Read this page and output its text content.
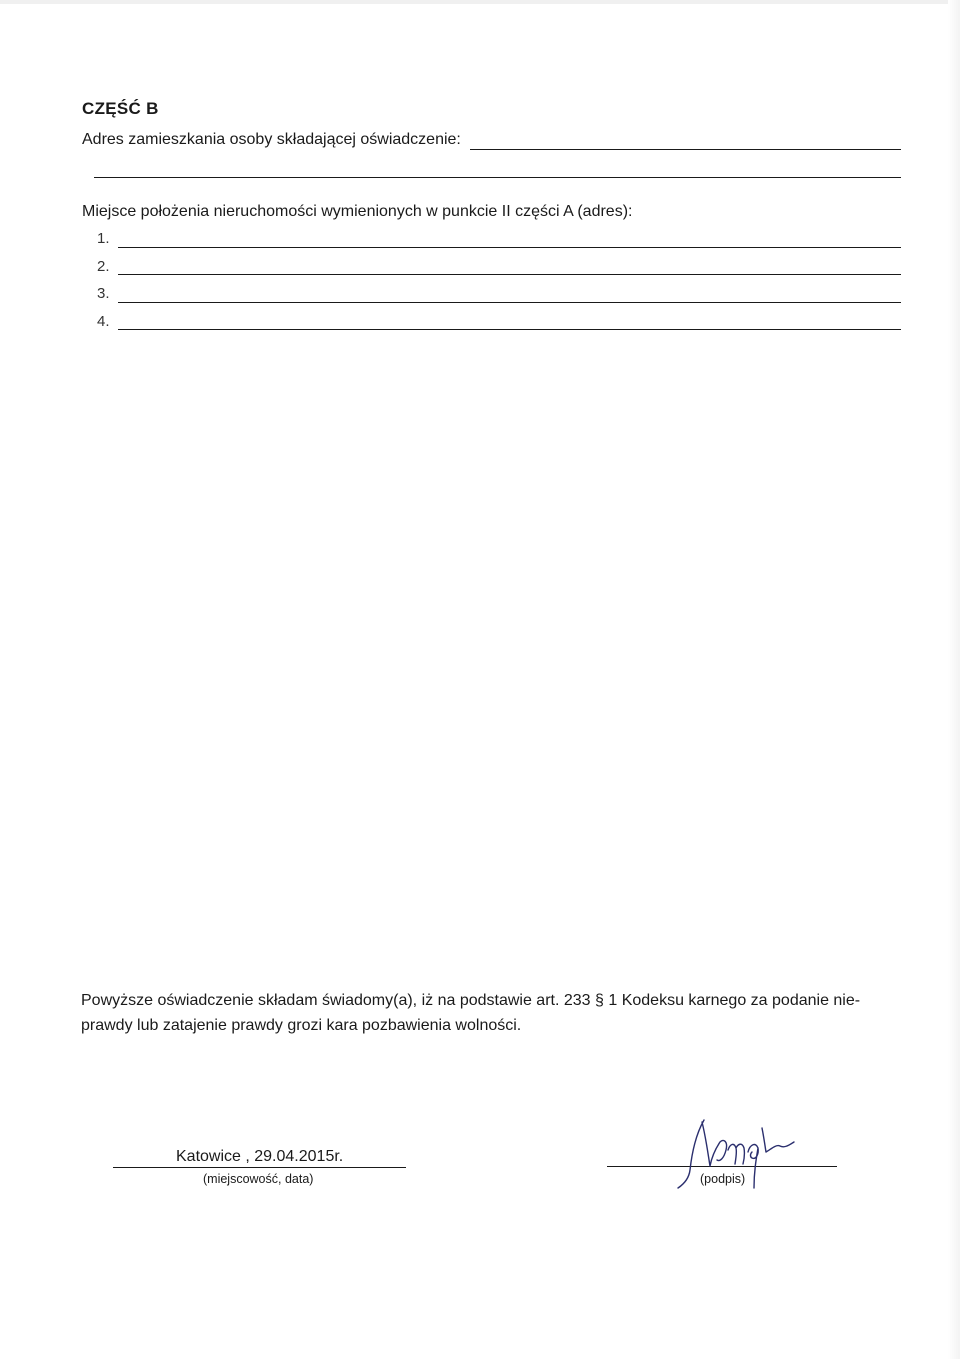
CZĘŚĆ B
Adres zamieszkania osoby składającej oświadczenie:
Miejsce położenia nieruchomości wymienionych w punkcie II części A (adres):
1.
2.
3.
4.
Powyższe oświadczenie składam świadomy(a), iż na podstawie art. 233 § 1 Kodeksu karnego za podanie nie-
prawdy lub zatajenie prawdy grozi kara pozbawienia wolności.
Katowice , 29.04.2015r.
(miejscowość, data)	(podpis)
